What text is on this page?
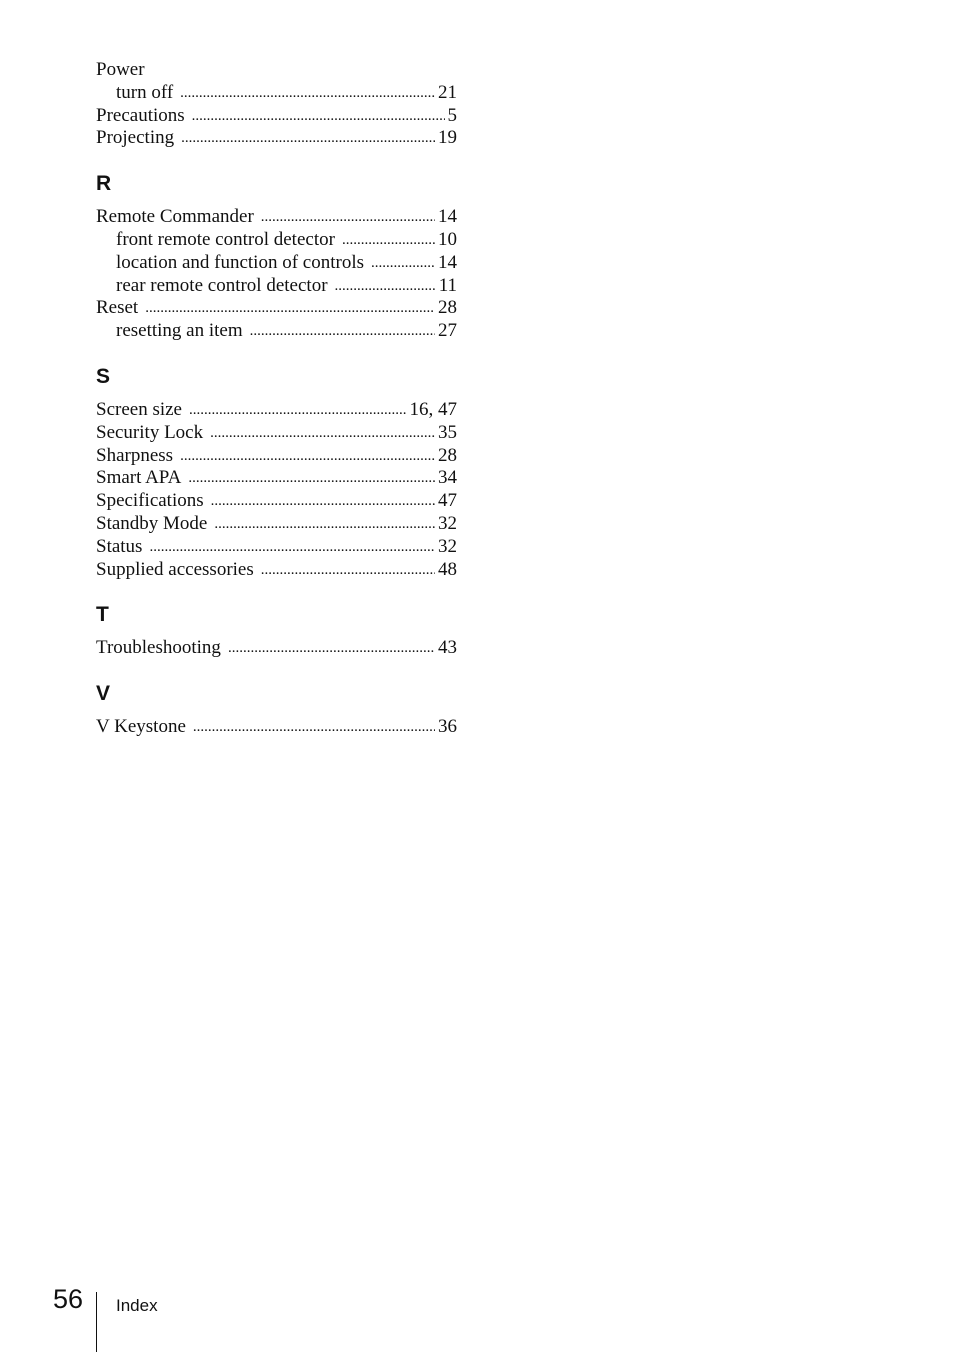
Power
turn off .....	21
Precautions .....	5
Projecting .....	19
R
Remote Commander .....	14
front remote control detector .....	10
location and function of controls .....	14
rear remote control detector .....	11
Reset .....	28
resetting an item .....	27
S
Screen size .....	16, 47
Security Lock .....	35
Sharpness .....	28
Smart APA .....	34
Specifications .....	47
Standby Mode .....	32
Status .....	32
Supplied accessories .....	48
T
Troubleshooting .....	43
V
V Keystone .....	36
56 Index
